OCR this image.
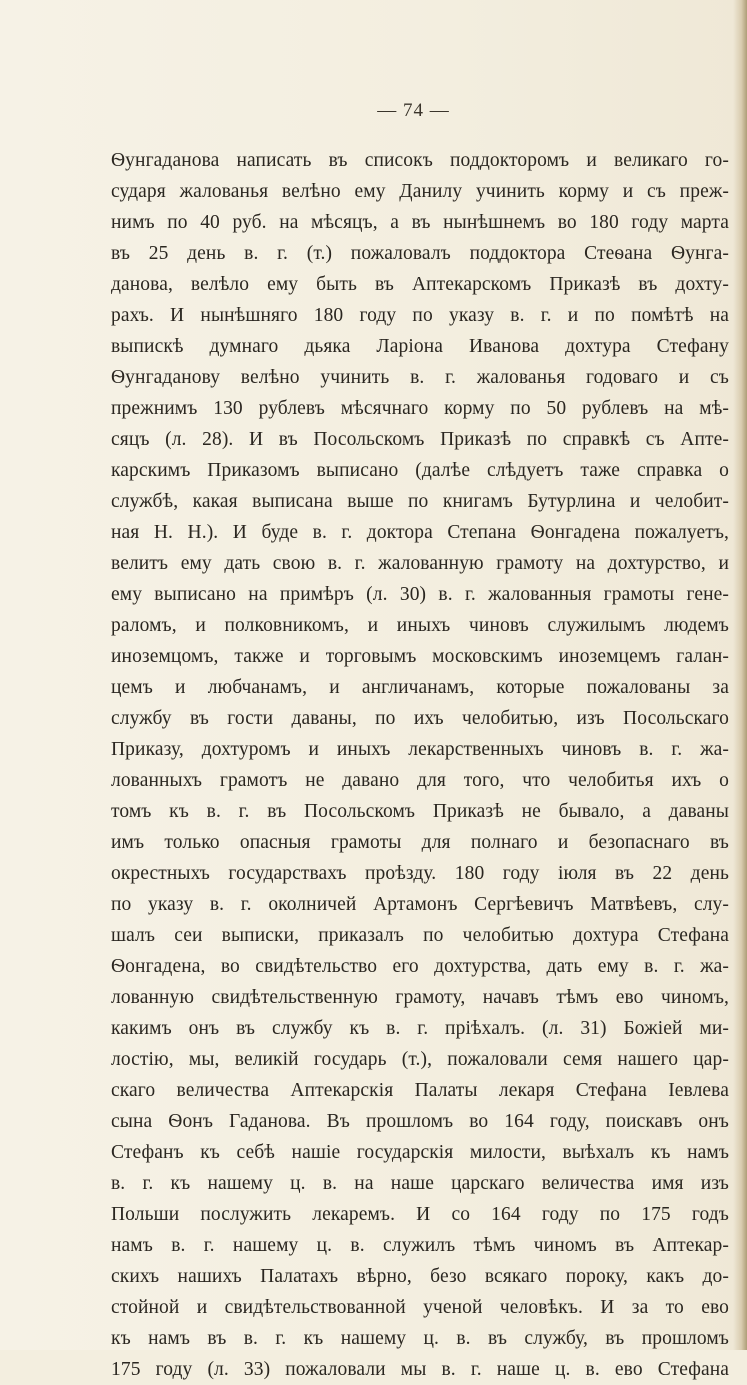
— 74 —
Ѳунгаданова написать въ списокъ поддокторомъ и великаго го-
сударя жалованья велѣно ему Данилу учинить корму и съ преж-
нимъ по 40 руб. на мѣсяцъ, а въ нынѣшнемъ во 180 году марта
въ 25 день в. г. (т.) пожаловалъ поддоктора Стеѳана Ѳунга-
данова, велѣло ему быть въ Аптекарскомъ Приказѣ въ дохту-
рахъ. И нынѣшняго 180 году по указу в. г. и по помѣтѣ на
выпискѣ думнаго дьяка Ларіона Иванова дохтура Стефану
Ѳунгаданову велѣно учинить в. г. жалованья годоваго и съ
прежнимъ 130 рублевъ мѣсячнаго корму по 50 рублевъ на мѣ-
сяцъ (л. 28). И въ Посольскомъ Приказѣ по справкѣ съ Апте-
карскимъ Приказомъ выписано (далѣе слѣдуетъ таже справка о
службѣ, какая выписана выше по книгамъ Бутурлина и челобит-
ная Н. Н.). И буде в. г. доктора Степана Ѳонгадена пожалуетъ,
велитъ ему дать свою в. г. жалованную грамоту на дохтурство, и
ему выписано на примѣръ (л. 30) в. г. жалованныя грамоты гене-
раломъ, и полковникомъ, и иныхъ чиновъ служилымъ людемъ
иноземцомъ, также и торговымъ московскимъ иноземцемъ галан-
цемъ и любчанамъ, и англичанамъ, которые пожалованы за
службу въ гости даваны, по ихъ челобитью, изъ Посольскаго
Приказу, дохтуромъ и иныхъ лекарственныхъ чиновъ в. г. жа-
лованныхъ грамотъ не давано для того, что челобитья ихъ о
томъ къ в. г. въ Посольскомъ Приказѣ не бывало, а даваны
имъ только опасныя грамоты для полнаго и безопаснаго въ
окрестныхъ государствахъ проѣзду. 180 году іюля въ 22 день
по указу в. г. околничей Артамонъ Сергѣевичъ Матвѣевъ, слу-
шалъ сеи выписки, приказалъ по челобитью дохтура Стефана
Ѳонгадена, во свидѣтельство его дохтурства, дать ему в. г. жа-
лованную свидѣтельственную грамоту, начавъ тѣмъ ево чиномъ,
какимъ онъ въ службу къ в. г. пріѣхалъ. (л. 31) Божіей ми-
лостію, мы, великій государь (т.), пожаловали семя нашего цар-
скаго величества Аптекарскія Палаты лекаря Стефана Іевлева
сына Ѳонъ Гаданова. Въ прошломъ во 164 году, поискавъ онъ
Стефанъ къ себѣ нашіе государскія милости, выѣхалъ къ намъ
в. г. къ нашему ц. в. на наше царскаго величества имя изъ
Польши послужить лекаремъ. И со 164 году по 175 годъ
намъ в. г. нашему ц. в. служилъ тѣмъ чиномъ въ Аптекар-
скихъ нашихъ Палатахъ вѣрно, безо всякаго пороку, какъ до-
стойной и свидѣтельствованной ученой человѣкъ. И за то ево
къ намъ въ в. г. къ нашему ц. в. въ службу, въ прошломъ
175 году (л. 33) пожаловали мы в. г. наше ц. в. ево Стефана
